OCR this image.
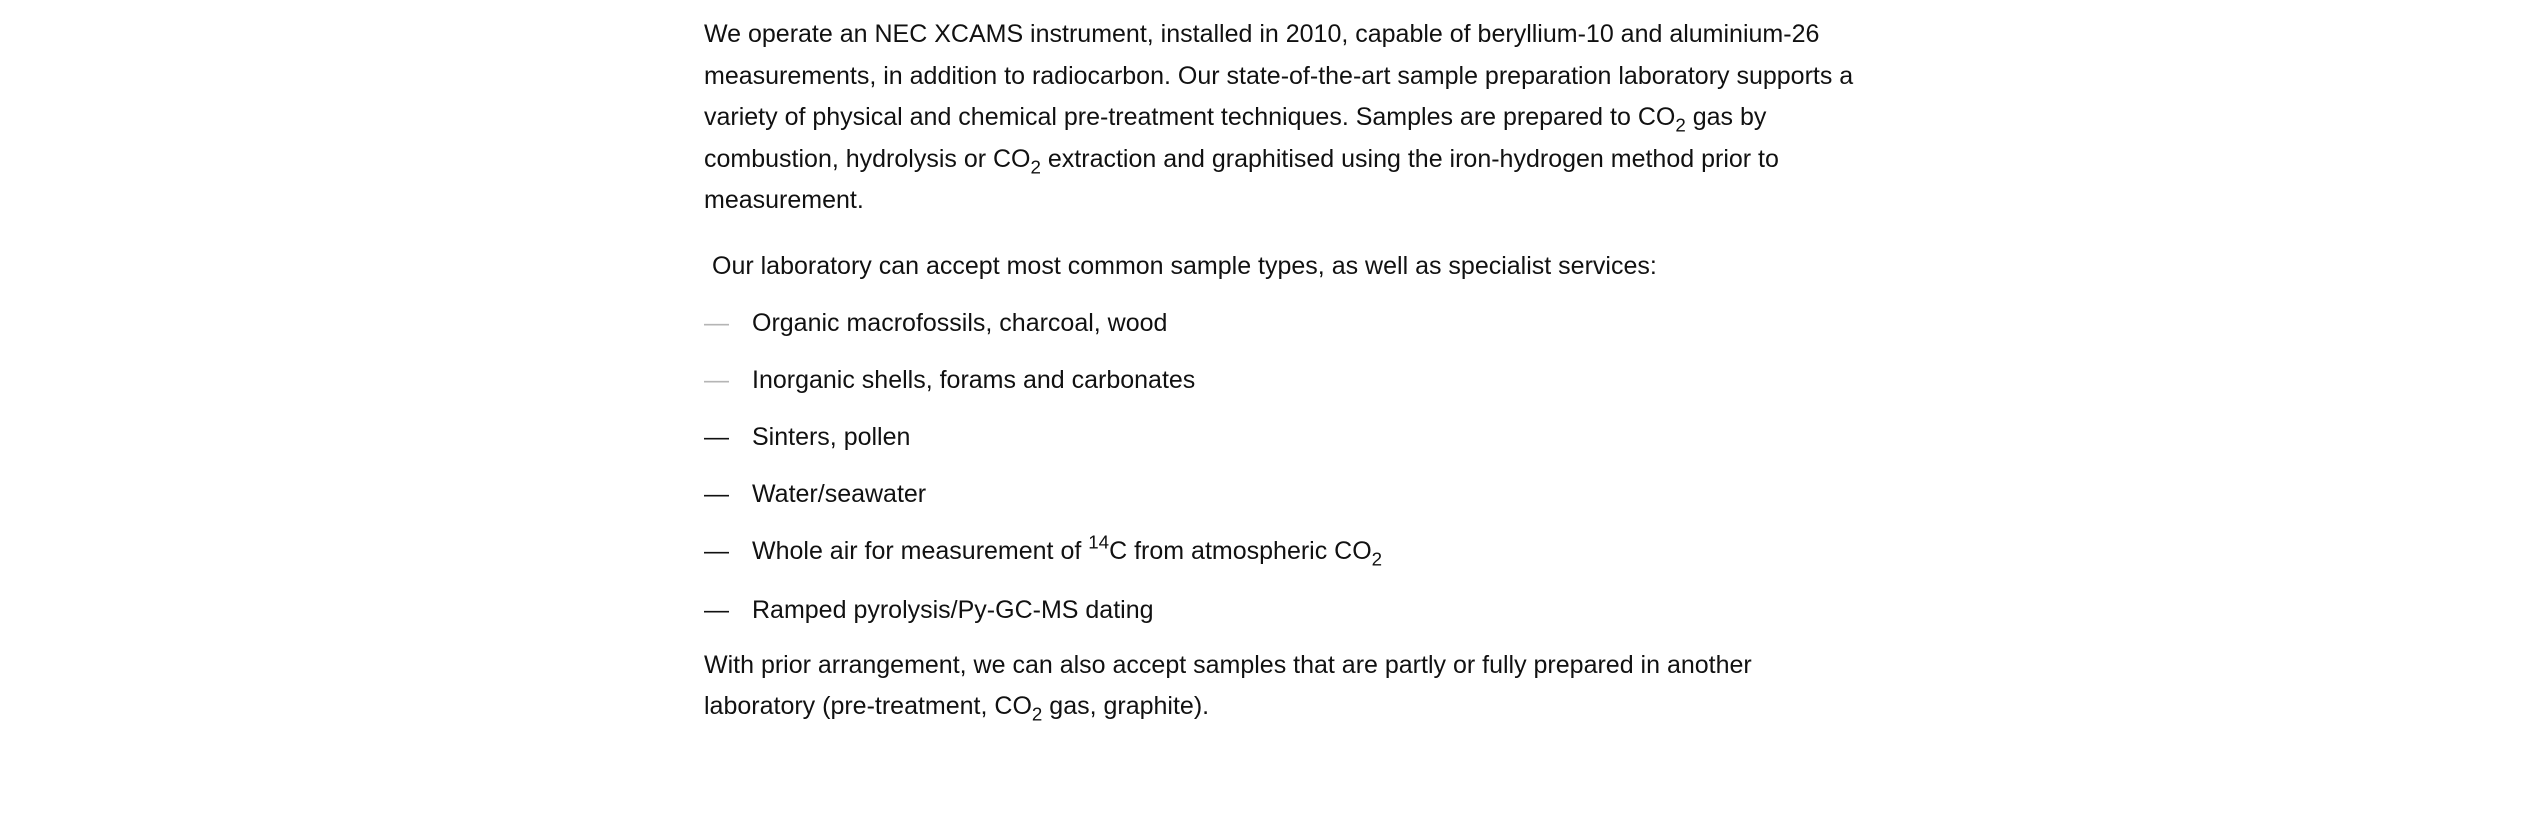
We operate an NEC XCAMS instrument, installed in 2010, capable of beryllium-10 and aluminium-26 measurements, in addition to radiocarbon. Our state-of-the-art sample preparation laboratory supports a variety of physical and chemical pre-treatment techniques. Samples are prepared to $CO_2$ gas by combustion, hydrolysis or $CO_2$ extraction and graphitised using the iron-hydrogen method prior to measurement.

Our laboratory can accept most common sample types, as well as specialist services:

— Organic macrofossils, charcoal, wood
— Inorganic shells, forams and carbonates
— Sinters, pollen
— Water/seawater
— Whole air for measurement of $^{14}$C from atmospheric $CO_2$
— Ramped pyrolysis/Py-GC-MS dating

With prior arrangement, we can also accept samples that are partly or fully prepared in another laboratory (pre-treatment, $CO_2$ gas, graphite).
